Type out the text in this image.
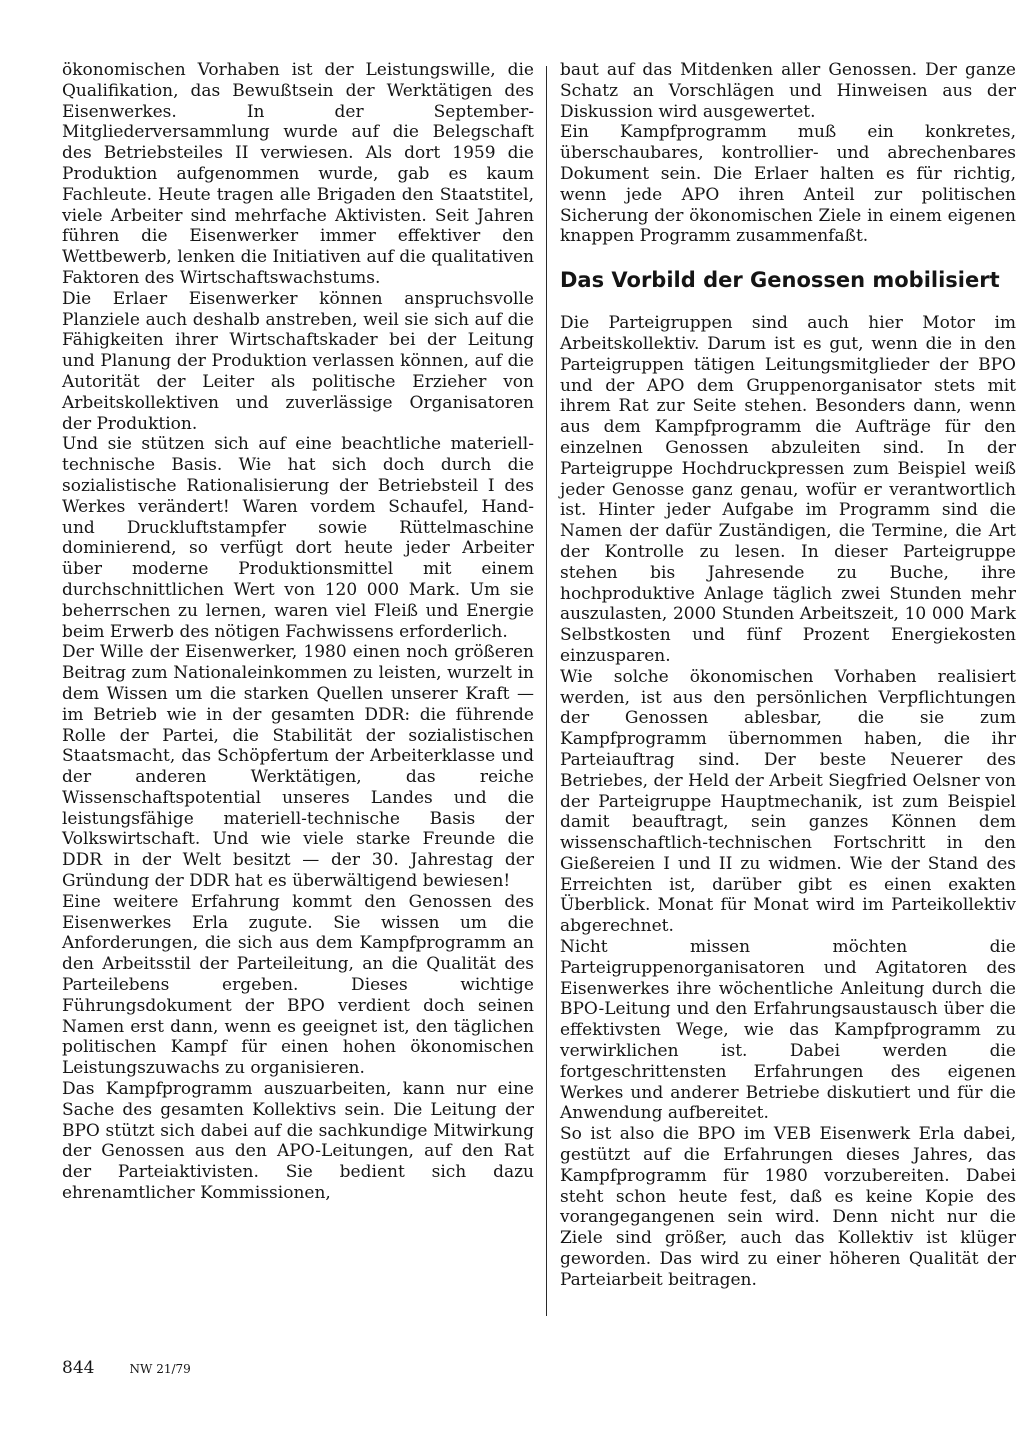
ökonomischen Vorhaben ist der Leistungswille, die Qualifikation, das Bewußtsein der Werktätigen des Eisenwerkes. In der September-Mitgliederversammlung wurde auf die Belegschaft des Betriebsteiles II verwiesen. Als dort 1959 die Produktion aufgenommen wurde, gab es kaum Fachleute. Heute tragen alle Brigaden den Staatstitel, viele Arbeiter sind mehrfache Aktivisten. Seit Jahren führen die Eisenwerker immer effektiver den Wettbewerb, lenken die Initiativen auf die qualitativen Faktoren des Wirtschaftswachstums.

Die Erlaer Eisenwerker können anspruchsvolle Planziele auch deshalb anstreben, weil sie sich auf die Fähigkeiten ihrer Wirtschaftskader bei der Leitung und Planung der Produktion verlassen können, auf die Autorität der Leiter als politische Erzieher von Arbeitskollektiven und zuverlässige Organisatoren der Produktion.

Und sie stützen sich auf eine beachtliche materiell-technische Basis. Wie hat sich doch durch die sozialistische Rationalisierung der Betriebsteil I des Werkes verändert! Waren vordem Schaufel, Hand- und Druckluftstampfer sowie Rüttelmaschine dominierend, so verfügt dort heute jeder Arbeiter über moderne Produktionsmittel mit einem durchschnittlichen Wert von 120 000 Mark. Um sie beherrschen zu lernen, waren viel Fleiß und Energie beim Erwerb des nötigen Fachwissens erforderlich.

Der Wille der Eisenwerker, 1980 einen noch größeren Beitrag zum Nationaleinkommen zu leisten, wurzelt in dem Wissen um die starken Quellen unserer Kraft — im Betrieb wie in der gesamten DDR: die führende Rolle der Partei, die Stabilität der sozialistischen Staatsmacht, das Schöpfertum der Arbeiterklasse und der anderen Werktätigen, das reiche Wissenschaftspotential unseres Landes und die leistungsfähige materiell-technische Basis der Volkswirtschaft. Und wie viele starke Freunde die DDR in der Welt besitzt — der 30. Jahrestag der Gründung der DDR hat es überwältigend bewiesen!

Eine weitere Erfahrung kommt den Genossen des Eisenwerkes Erla zugute. Sie wissen um die Anforderungen, die sich aus dem Kampfprogramm an den Arbeitsstil der Parteileitung, an die Qualität des Parteilebens ergeben. Dieses wichtige Führungsdokument der BPO verdient doch seinen Namen erst dann, wenn es geeignet ist, den täglichen politischen Kampf für einen hohen ökonomischen Leistungszuwachs zu organisieren.

Das Kampfprogramm auszuarbeiten, kann nur eine Sache des gesamten Kollektivs sein. Die Leitung der BPO stützt sich dabei auf die sachkundige Mitwirkung der Genossen aus den APO-Leitungen, auf den Rat der Parteiaktivisten. Sie bedient sich dazu ehrenamtlicher Kommissionen,

baut auf das Mitdenken aller Genossen. Der ganze Schatz an Vorschlägen und Hinweisen aus der Diskussion wird ausgewertet.

Ein Kampfprogramm muß ein konkretes, überschaubares, kontrollier- und abrechenbares Dokument sein. Die Erlaer halten es für richtig, wenn jede APO ihren Anteil zur politischen Sicherung der ökonomischen Ziele in einem eigenen knappen Programm zusammenfaßt.

Das Vorbild der Genossen mobilisiert

Die Parteigruppen sind auch hier Motor im Arbeitskollektiv. Darum ist es gut, wenn die in den Parteigruppen tätigen Leitungsmitglieder der BPO und der APO dem Gruppenorganisator stets mit ihrem Rat zur Seite stehen. Besonders dann, wenn aus dem Kampfprogramm die Aufträge für den einzelnen Genossen abzuleiten sind. In der Parteigruppe Hochdruckpressen zum Beispiel weiß jeder Genosse ganz genau, wofür er verantwortlich ist. Hinter jeder Aufgabe im Programm sind die Namen der dafür Zuständigen, die Termine, die Art der Kontrolle zu lesen. In dieser Parteigruppe stehen bis Jahresende zu Buche, ihre hochproduktive Anlage täglich zwei Stunden mehr auszulasten, 2000 Stunden Arbeitszeit, 10 000 Mark Selbstkosten und fünf Prozent Energiekosten einzusparen.

Wie solche ökonomischen Vorhaben realisiert werden, ist aus den persönlichen Verpflichtungen der Genossen ablesbar, die sie zum Kampfprogramm übernommen haben, die ihr Parteiauftrag sind. Der beste Neuerer des Betriebes, der Held der Arbeit Siegfried Oelsner von der Parteigruppe Hauptmechanik, ist zum Beispiel damit beauftragt, sein ganzes Können dem wissenschaftlich-technischen Fortschritt in den Gießereien I und II zu widmen. Wie der Stand des Erreichten ist, darüber gibt es einen exakten Überblick. Monat für Monat wird im Parteikollektiv abgerechnet.

Nicht missen möchten die Parteigruppenorganisatoren und Agitatoren des Eisenwerkes ihre wöchentliche Anleitung durch die BPO-Leitung und den Erfahrungsaustausch über die effektivsten Wege, wie das Kampfprogramm zu verwirklichen ist. Dabei werden die fortgeschrittensten Erfahrungen des eigenen Werkes und anderer Betriebe diskutiert und für die Anwendung aufbereitet.

So ist also die BPO im VEB Eisenwerk Erla dabei, gestützt auf die Erfahrungen dieses Jahres, das Kampfprogramm für 1980 vorzubereiten. Dabei steht schon heute fest, daß es keine Kopie des vorangegangenen sein wird. Denn nicht nur die Ziele sind größer, auch das Kollektiv ist klüger geworden. Das wird zu einer höheren Qualität der Parteiarbeit beitragen.

844	NW 21/79
